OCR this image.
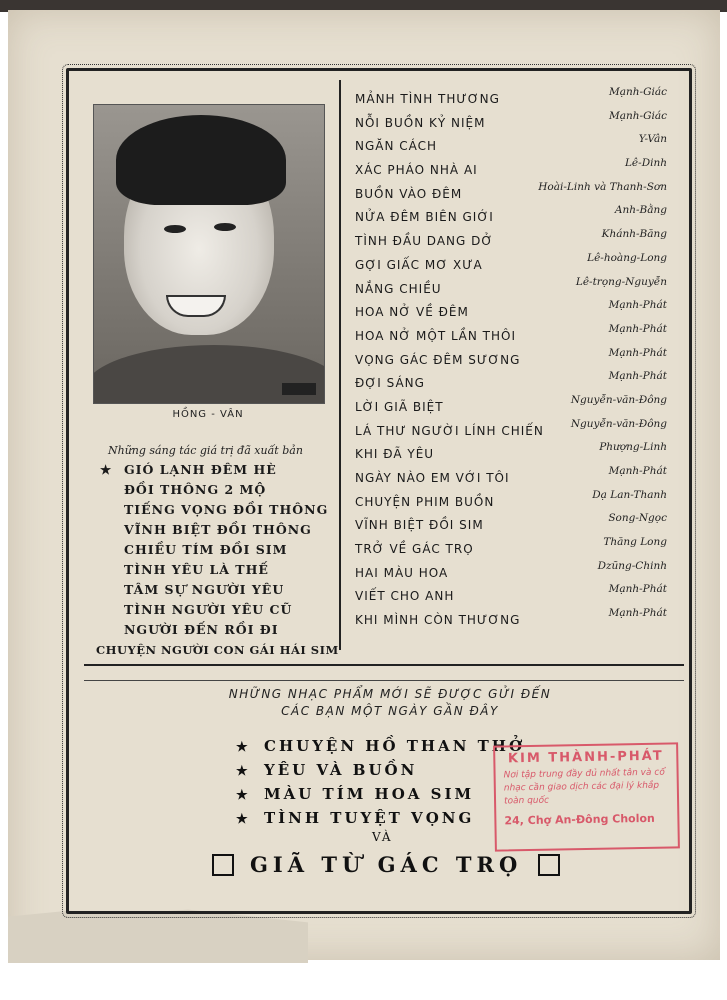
HỒNG - VÂN
Những sáng tác giá trị đã xuất bản
★ GIÓ LẠNH ĐÊM HÈ
ĐỒI THÔNG 2 MỘ
TIẾNG VỌNG ĐỒI THÔNG
VĨNH BIỆT ĐỒI THÔNG
CHIỀU TÍM ĐỒI SIM
TÌNH YÊU LÀ THẾ
TÂM SỰ NGƯỜI YÊU
TÌNH NGƯỜI YÊU CŨ
NGƯỜI ĐẾN RỒI ĐI
CHUYỆN NGƯỜI CON GÁI HÁI SIM
MẢNH TÌNH THƯƠNG	Mạnh-Giác
NỖI BUỒN KỶ NIỆM	Mạnh-Giác
NGĂN CÁCH	Y-Vân
XÁC PHÁO NHÀ AI	Lê-Dinh
BUỒN VÀO ĐÊM	Hoài-Linh và Thanh-Sơn
NỬA ĐÊM BIÊN GIỚI	Anh-Bằng
TÌNH ĐẦU DANG DỞ	Khánh-Băng
GỢI GIẤC MƠ XƯA	Lê-hoàng-Long
NẮNG CHIỀU	Lê-trọng-Nguyễn
HOA NỞ VỀ ĐÊM	Mạnh-Phát
HOA NỞ MỘT LẦN THÔI	Mạnh-Phát
VỌNG GÁC ĐÊM SƯƠNG	Mạnh-Phát
ĐỢI SÁNG	Mạnh-Phát
LỜI GIÃ BIỆT	Nguyễn-văn-Đông
LÁ THƯ NGƯỜI LÍNH CHIẾN	Nguyễn-văn-Đông
KHI ĐÃ YÊU	Phượng-Linh
NGÀY NÀO EM VỚI TÔI	Mạnh-Phát
CHUYỆN PHIM BUỒN	Dạ Lan-Thanh
VĨNH BIỆT ĐỒI SIM	Song-Ngọc
TRỞ VỀ GÁC TRỌ	Thăng Long
HAI MÀU HOA	Dzũng-Chinh
VIẾT CHO ANH	Mạnh-Phát
KHI MÌNH CÒN THƯƠNG	Mạnh-Phát
NHỮNG NHẠC PHẨM MỚI SẼ ĐƯỢC GỬI ĐẾN
CÁC BẠN MỘT NGÀY GẦN ĐÂY
★ CHUYỆN HỒ THAN THỞ
★ YÊU VÀ BUỒN
★ MÀU TÍM HOA SIM
★ TÌNH TUYỆT VỌNG
VÀ
GIÃ TỪ GÁC TRỌ
KIM THÀNH-PHÁT
Nơi tập trung đầy đủ nhất tân và cổ nhạc cần giao dịch các đại lý khắp toàn quốc
24, Chợ An-Đông Cholon
